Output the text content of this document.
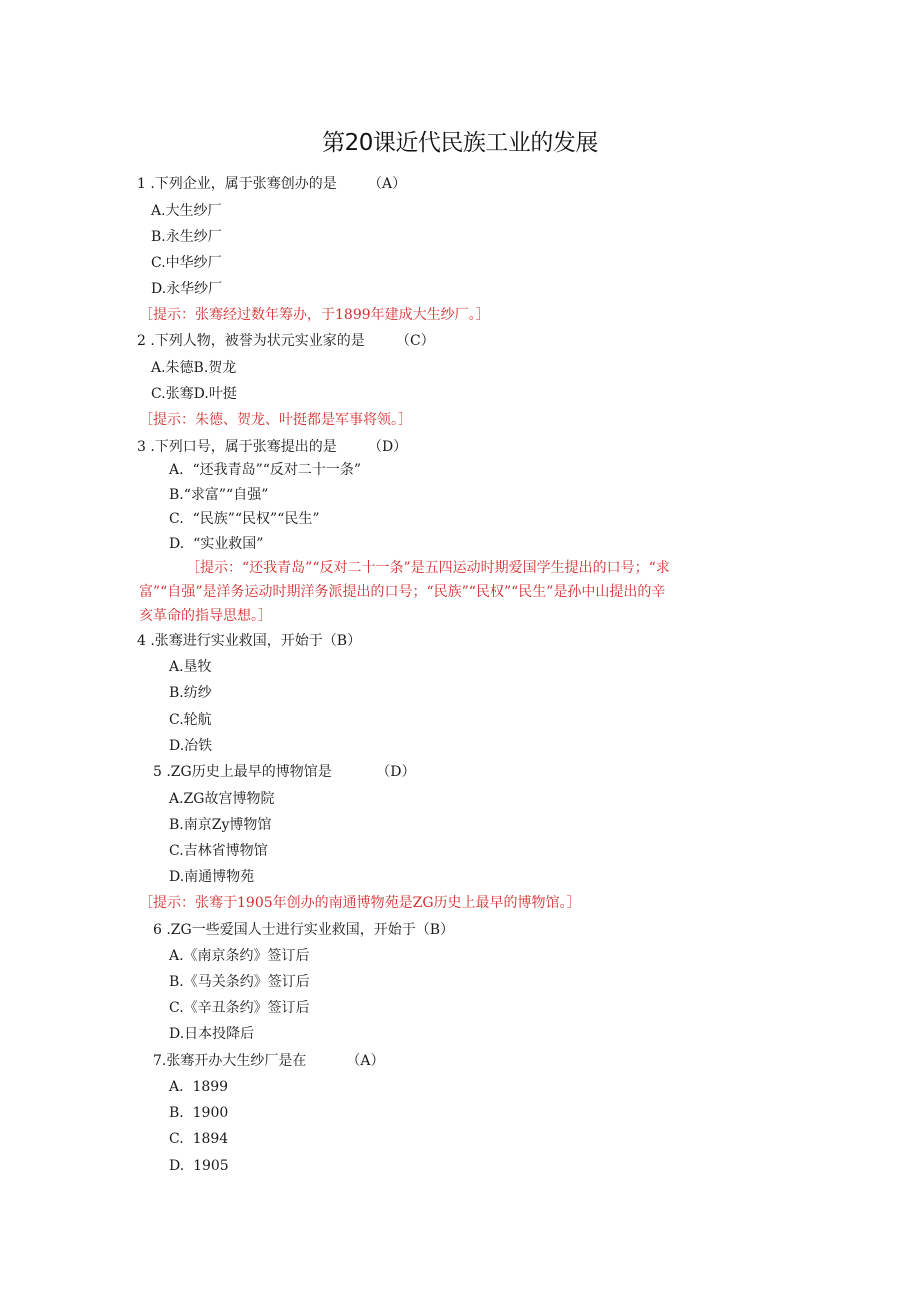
第20课近代民族工业的发展
1 .下列企业，属于张骞创办的是       （A）
A.大生纱厂
B.永生纱厂
C.中华纱厂
D.永华纱厂
［提示：张骞经过数年筹办，于1899年建成大生纱厂。］
2 .下列人物，被誉为状元实业家的是       （C）
A.朱德B.贺龙
C.张骞D.叶挺
［提示：朱德、贺龙、叶挺都是军事将领。］
3 .下列口号，属于张骞提出的是       （D）
A.  “还我青岛”“反对二十一条”
B.“求富”“自强”
C.  “民族”“民权”“民生”
D.  “实业救国”
［提示：“还我青岛”“反对二十一条”是五四运动时期爱国学生提出的口号；“求
富”“自强”是洋务运动时期洋务派提出的口号；“民族”“民权”“民生”是孙中山提出的辛
亥革命的指导思想。］
4 .张骞进行实业救国，开始于（B）
A.垦牧
B.纺纱
C.轮航
D.冶铁
5 .ZG历史上最早的博物馆是          （D）
A.ZG故宫博物院
B.南京Zy博物馆
C.吉林省博物馆
D.南通博物苑
［提示：张骞于1905年创办的南通博物苑是ZG历史上最早的博物馆。］
6 .ZG一些爱国人士进行实业救国，开始于（B）
A.《南京条约》签订后
B.《马关条约》签订后
C.《辛丑条约》签订后
D.日本投降后
7.张骞开办大生纱厂是在         （A）
A.  1899
B.  1900
C.  1894
D.  1905
